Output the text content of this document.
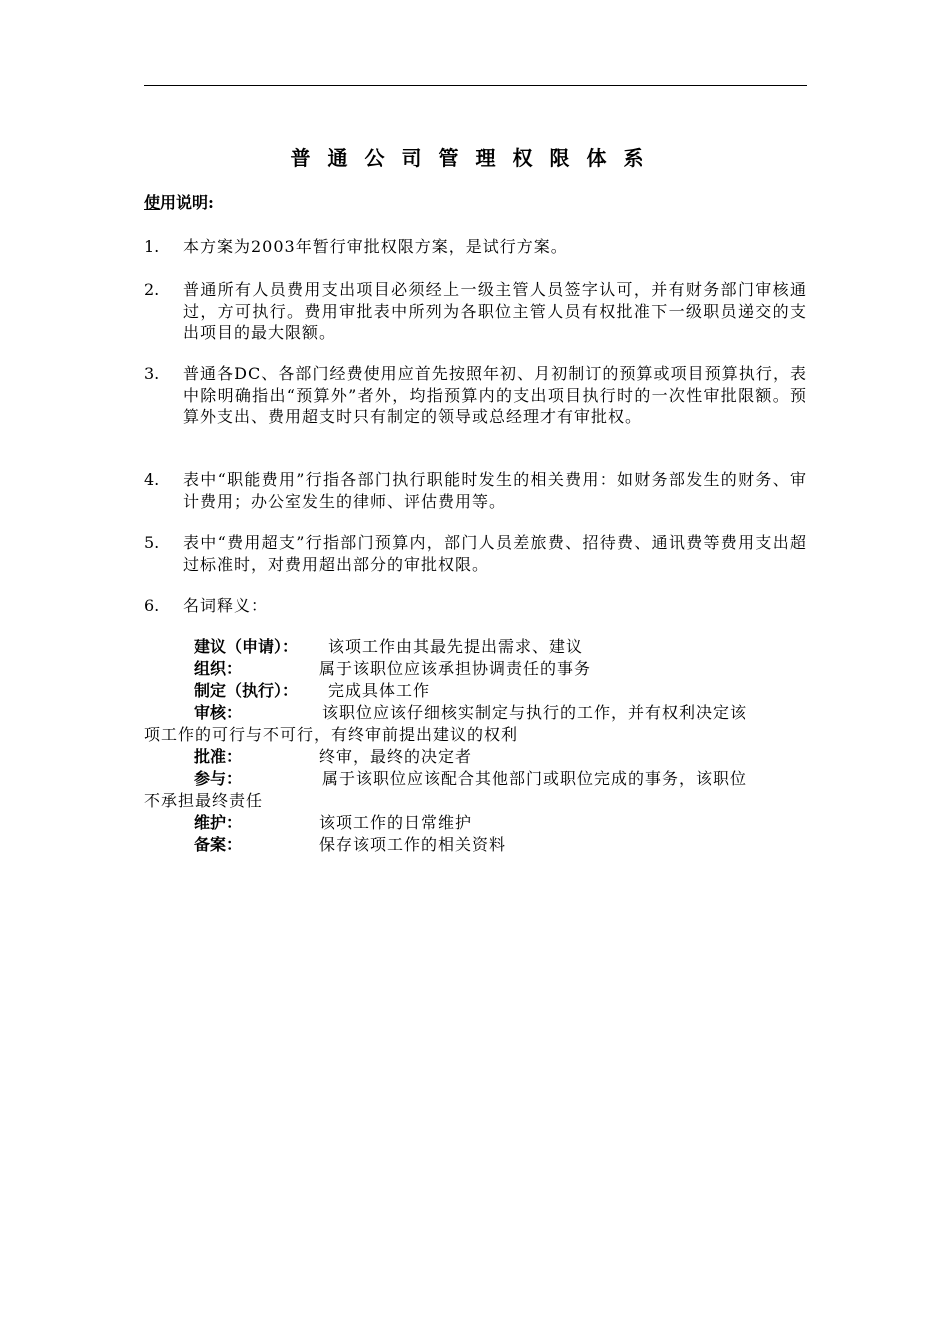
普通公司管理权限体系
使用说明:
1.	本方案为2003年暂行审批权限方案，是试行方案。
2.	普通所有人员费用支出项目必须经上一级主管人员签字认可，并有财务部门审核通过，方可执行。费用审批表中所列为各职位主管人员有权批准下一级职员递交的支出项目的最大限额。
3.	普通各DC、各部门经费使用应首先按照年初、月初制订的预算或项目预算执行，表中除明确指出“预算外”者外，均指预算内的支出项目执行时的一次性审批限额。预算外支出、费用超支时只有制定的领导或总经理才有审批权。
4.	表中“职能费用”行指各部门执行职能时发生的相关费用：如财务部发生的财务、审计费用；办公室发生的律师、评估费用等。
5.	表中“费用超支”行指部门预算内，部门人员差旅费、招待费、通讯费等费用支出超过标准时，对费用超出部分的审批权限。
6.	名词释义：
建议（申请）： 该项工作由其最先提出需求、建议
组织：	属于该职位应该承担协调责任的事务
制定（执行）： 完成具体工作
审核：	该职位应该仔细核实制定与执行的工作，并有权利决定该
项工作的可行与不可行，有终审前提出建议的权利
批准：	终审，最终的决定者
参与：	属于该职位应该配合其他部门或职位完成的事务，该职位
不承担最终责任
维护：	该项工作的日常维护
备案：	保存该项工作的相关资料
